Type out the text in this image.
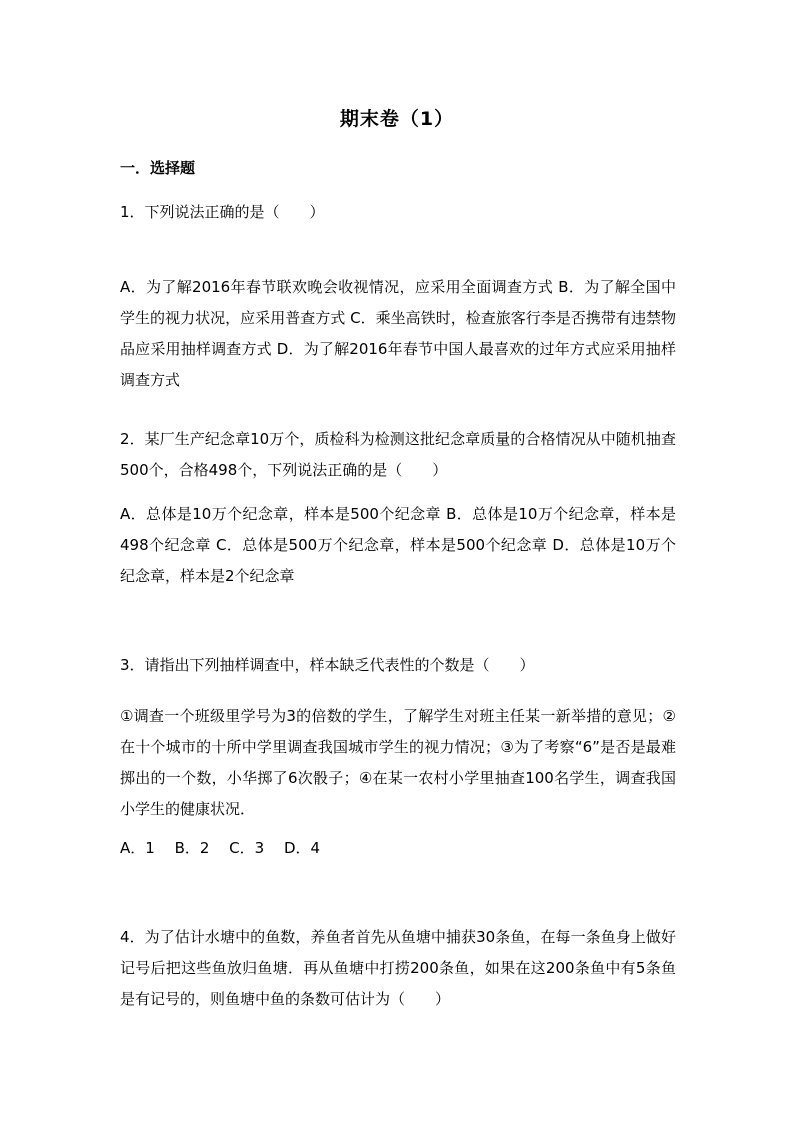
期末卷（1）
一．选择题
1．下列说法正确的是（　　）
A．为了解2016年春节联欢晚会收视情况，应采用全面调查方式 B．为了解全国中学生的视力状况，应采用普查方式 C．乘坐高铁时，检查旅客行李是否携带有违禁物品应采用抽样调查方式 D．为了解2016年春节中国人最喜欢的过年方式应采用抽样调查方式
2．某厂生产纪念章10万个，质检科为检测这批纪念章质量的合格情况从中随机抽查500个，合格498个，下列说法正确的是（　　）
A．总体是10万个纪念章，样本是500个纪念章 B．总体是10万个纪念章，样本是498个纪念章 C．总体是500万个纪念章，样本是500个纪念章 D．总体是10万个纪念章，样本是2个纪念章
3．请指出下列抽样调查中，样本缺乏代表性的个数是（　　）
①调查一个班级里学号为3的倍数的学生，了解学生对班主任某一新举措的意见；②在十个城市的十所中学里调查我国城市学生的视力情况；③为了考察“6”是否是最难掷出的一个数，小华掷了6次骰子；④在某一农村小学里抽查100名学生，调查我国小学生的健康状况．
A．1　 B．2　 C．3　 D．4
4．为了估计水塘中的鱼数，养鱼者首先从鱼塘中捕获30条鱼，在每一条鱼身上做好记号后把这些鱼放归鱼塘．再从鱼塘中打捞200条鱼，如果在这200条鱼中有5条鱼是有记号的，则鱼塘中鱼的条数可估计为（　　）
